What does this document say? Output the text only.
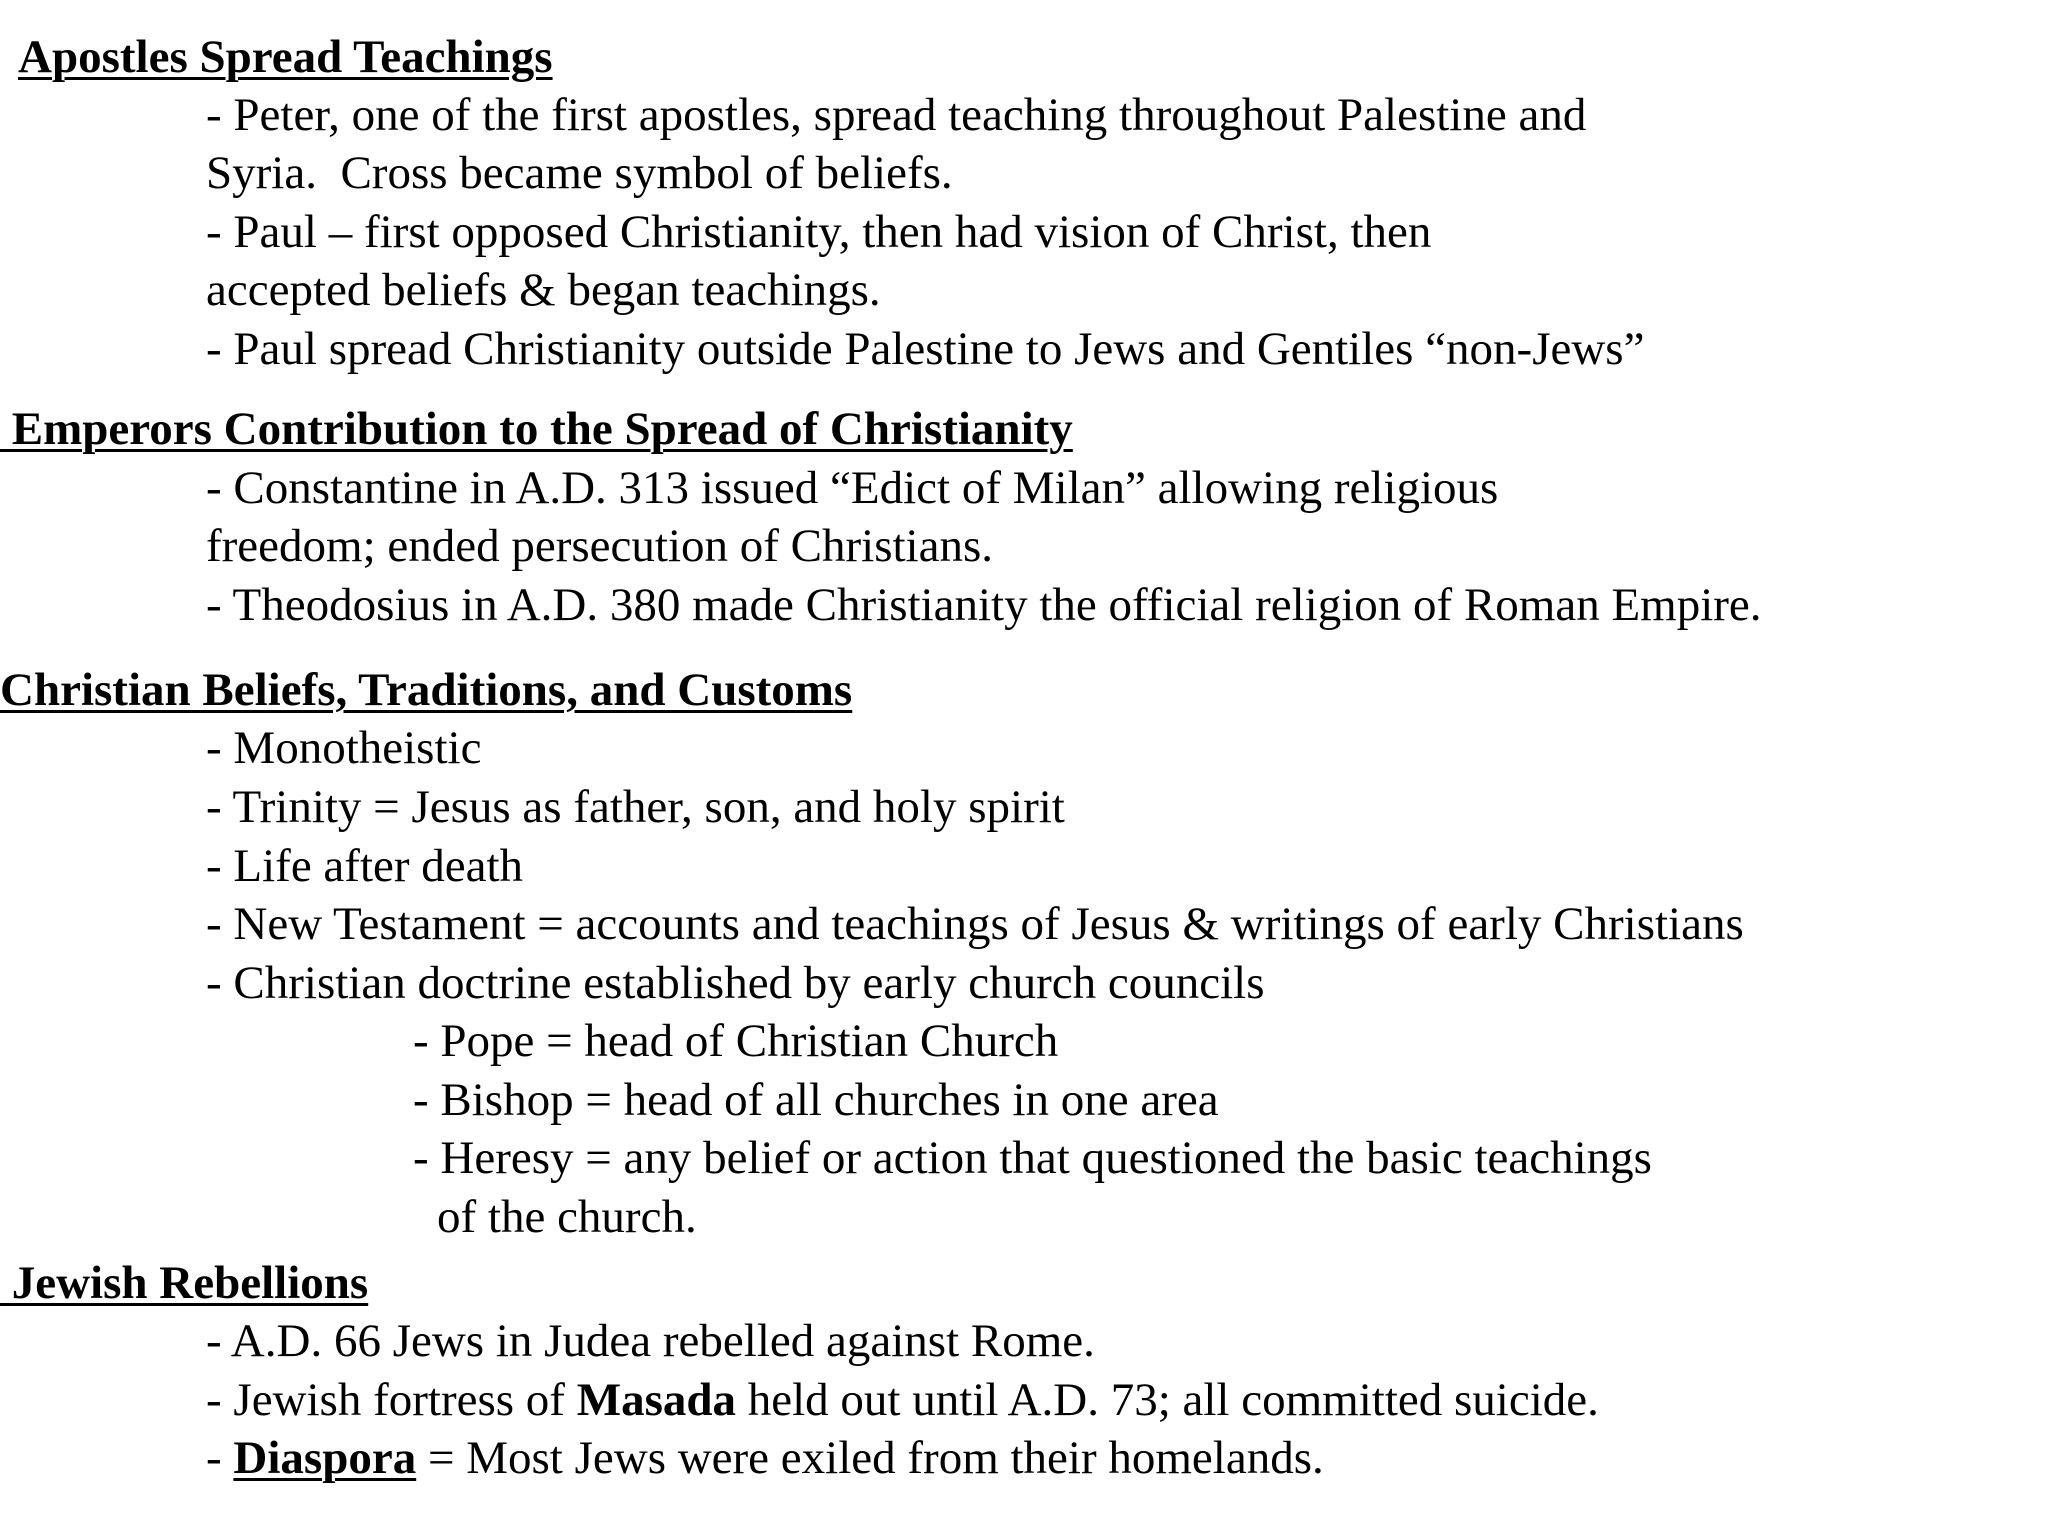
Apostles Spread Teachings
- Peter, one of the first apostles, spread teaching throughout Palestine and
Syria.  Cross became symbol of beliefs.
- Paul – first opposed Christianity, then had vision of Christ, then
accepted beliefs & began teachings.
- Paul spread Christianity outside Palestine to Jews and Gentiles “non-Jews”
Emperors Contribution to the Spread of Christianity
- Constantine in A.D. 313 issued “Edict of Milan” allowing religious
freedom; ended persecution of Christians.
- Theodosius in A.D. 380 made Christianity the official religion of Roman Empire.
Christian Beliefs, Traditions, and Customs
- Monotheistic
- Trinity = Jesus as father, son, and holy spirit
- Life after death
- New Testament = accounts and teachings of Jesus & writings of early Christians
- Christian doctrine established by early church councils
- Pope = head of Christian Church
- Bishop = head of all churches in one area
- Heresy = any belief or action that questioned the basic teachings
of the church.
Jewish Rebellions
- A.D. 66 Jews in Judea rebelled against Rome.
- Jewish fortress of Masada held out until A.D. 73; all committed suicide.
- Diaspora = Most Jews were exiled from their homelands.
